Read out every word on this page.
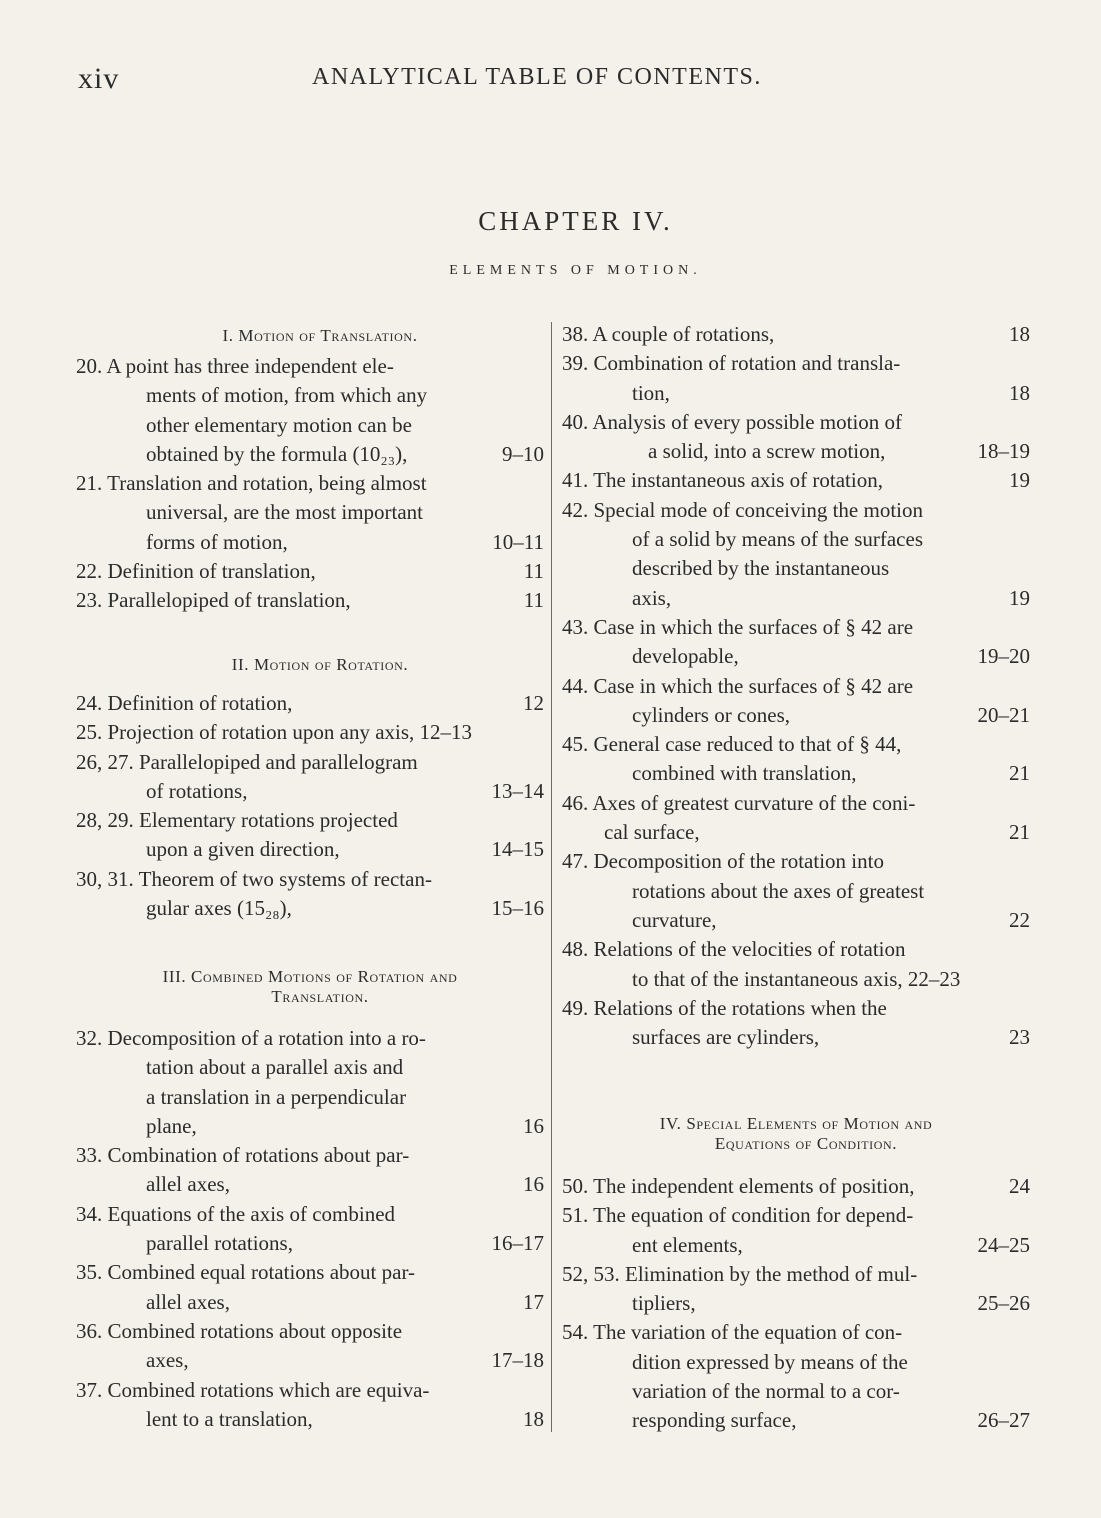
xiv	ANALYTICAL TABLE OF CONTENTS.
CHAPTER IV.
ELEMENTS OF MOTION.
I. Motion of Translation.
20. A point has three independent ele-
ments of motion, from which any
other elementary motion can be
obtained by the formula (10₂₃),	9–10
21. Translation and rotation, being almost
universal, are the most important
forms of motion,	10–11
22. Definition of translation,	11
23. Parallelopiped of translation,	11
II. Motion of Rotation.
24. Definition of rotation,	12
25. Projection of rotation upon any axis, 12–13
26, 27. Parallelopiped and parallelogram
of rotations,	13–14
28, 29. Elementary rotations projected
upon a given direction,	14–15
30, 31. Theorem of two systems of rectan-
gular axes (15₂₈),	15–16
III. Combined Motions of Rotation and
Translation.
32. Decomposition of a rotation into a ro-
tation about a parallel axis and
a translation in a perpendicular
plane,	16
33. Combination of rotations about par-
allel axes,	16
34. Equations of the axis of combined
parallel rotations,	16–17
35. Combined equal rotations about par-
allel axes,	17
36. Combined rotations about opposite
axes,	17–18
37. Combined rotations which are equiva-
lent to a translation,	18
38. A couple of rotations,	18
39. Combination of rotation and transla-
tion,	18
40. Analysis of every possible motion of
a solid, into a screw motion,	18–19
41. The instantaneous axis of rotation,	19
42. Special mode of conceiving the motion
of a solid by means of the surfaces
described by the instantaneous
axis,	19
43. Case in which the surfaces of § 42 are
developable,	19–20
44. Case in which the surfaces of § 42 are
cylinders or cones,	20–21
45. General case reduced to that of § 44,
combined with translation,	21
46. Axes of greatest curvature of the coni-
cal surface,	21
47. Decomposition of the rotation into
rotations about the axes of greatest
curvature,	22
48. Relations of the velocities of rotation
to that of the instantaneous axis, 22–23
49. Relations of the rotations when the
surfaces are cylinders,	23
IV. Special Elements of Motion and
Equations of Condition.
50. The independent elements of position,	24
51. The equation of condition for depend-
ent elements,	24–25
52, 53. Elimination by the method of mul-
tipliers,	25–26
54. The variation of the equation of con-
dition expressed by means of the
variation of the normal to a cor-
responding surface,	26–27
